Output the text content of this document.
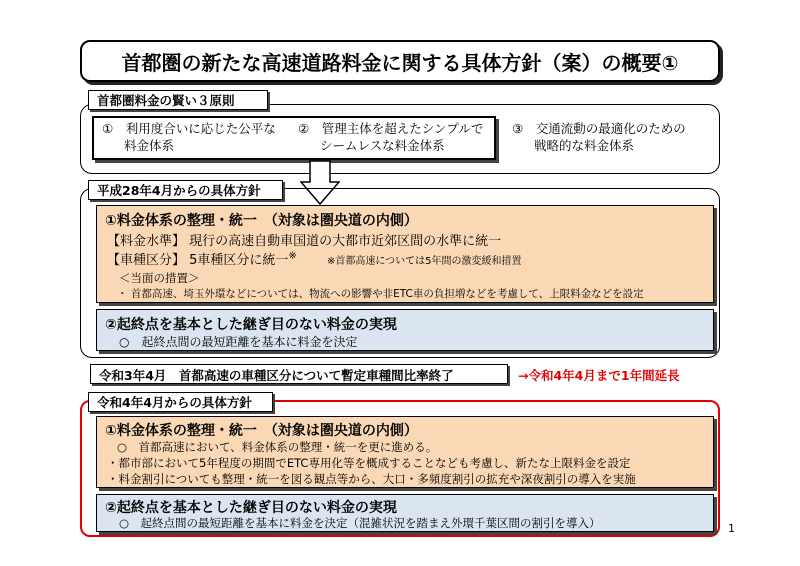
首都圏の新たな高速道路料金に関する具体方針（案）の概要①
首都圏料金の賢い３原則
①　利用度合いに応じた公平な
料金体系
②　管理主体を超えたシンプルで
シームレスな料金体系
③　交通流動の最適化のための
戦略的な料金体系
平成28年4月からの具体方針
①料金体系の整理・統一　（対象は圏央道の内側）
【料金水準】 現行の高速自動車国道の大都市近郊区間の水準に統一
【車種区分】 5車種区分に統一※	※首都高速については5年間の激変緩和措置
＜当面の措置＞
・ 首都高速、埼玉外環などについては、物流への影響や非ETC車の負担増などを考慮して、上限料金などを設定
②起終点を基本とした継ぎ目のない料金の実現
○　起終点間の最短距離を基本に料金を決定
令和3年4月　首都高速の車種区分について暫定車種間比率終了	→令和4年4月まで1年間延長
令和4年4月からの具体方針
①料金体系の整理・統一　（対象は圏央道の内側）
○　首都高速において、料金体系の整理・統一を更に進める。
・都市部において5年程度の期間でETC専用化等を概成することなども考慮し、新たな上限料金を設定
・料金割引についても整理・統一を図る観点等から、大口・多頻度割引の拡充や深夜割引の導入を実施
②起終点を基本とした継ぎ目のない料金の実現
○　起終点間の最短距離を基本に料金を決定（混雑状況を踏まえ外環千葉区間の割引を導入）	1
